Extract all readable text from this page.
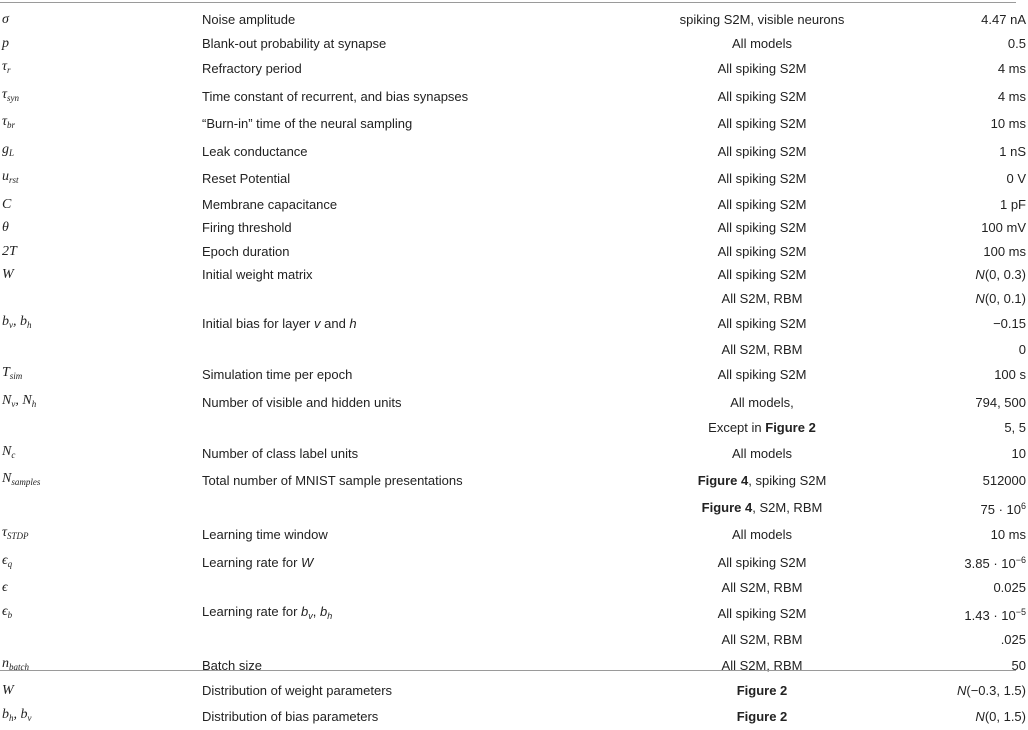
σ	Noise amplitude	spiking S2M, visible neurons	4.47 nA
p	Blank-out probability at synapse	All models	0.5
$\tau_r$	Refractory period	All spiking S2M	4 ms
$\tau_{syn}$	Time constant of recurrent, and bias synapses	All spiking S2M	4 ms
$\tau_{br}$	“Burn-in” time of the neural sampling	All spiking S2M	10 ms
$g_L$	Leak conductance	All spiking S2M	1 nS
$u_{rst}$	Reset Potential	All spiking S2M	0 V
C	Membrane capacitance	All spiking S2M	1 pF
θ	Firing threshold	All spiking S2M	100 mV
2T	Epoch duration	All spiking S2M	100 ms
W	Initial weight matrix	All spiking S2M	N(0, 0.3)
		All S2M, RBM	N(0, 0.1)
$b_v$, $b_h$	Initial bias for layer v and h	All spiking S2M	−0.15
		All S2M, RBM	0
$T_{sim}$	Simulation time per epoch	All spiking S2M	100 s
$N_v$, $N_h$	Number of visible and hidden units	All models,	794, 500
		Except in Figure 2	5, 5
$N_c$	Number of class label units	All models	10
$N_{samples}$	Total number of MNIST sample presentations	Figure 4, spiking S2M	512000
		Figure 4, S2M, RBM	$75 \cdot 10^6$
$\tau_{STDP}$	Learning time window	All models	10 ms
$\epsilon_q$	Learning rate for W	All spiking S2M	$3.85 \cdot 10^{-6}$
ϵ		All S2M, RBM	0.025
$\epsilon_b$	Learning rate for $b_v$, $b_h$	All spiking S2M	$1.43 \cdot 10^{-5}$
		All S2M, RBM	.025
$n_{batch}$	Batch size	All S2M, RBM	50
W	Distribution of weight parameters	Figure 2	N(−0.3, 1.5)
$b_h$, $b_v$	Distribution of bias parameters	Figure 2	N(0, 1.5)
